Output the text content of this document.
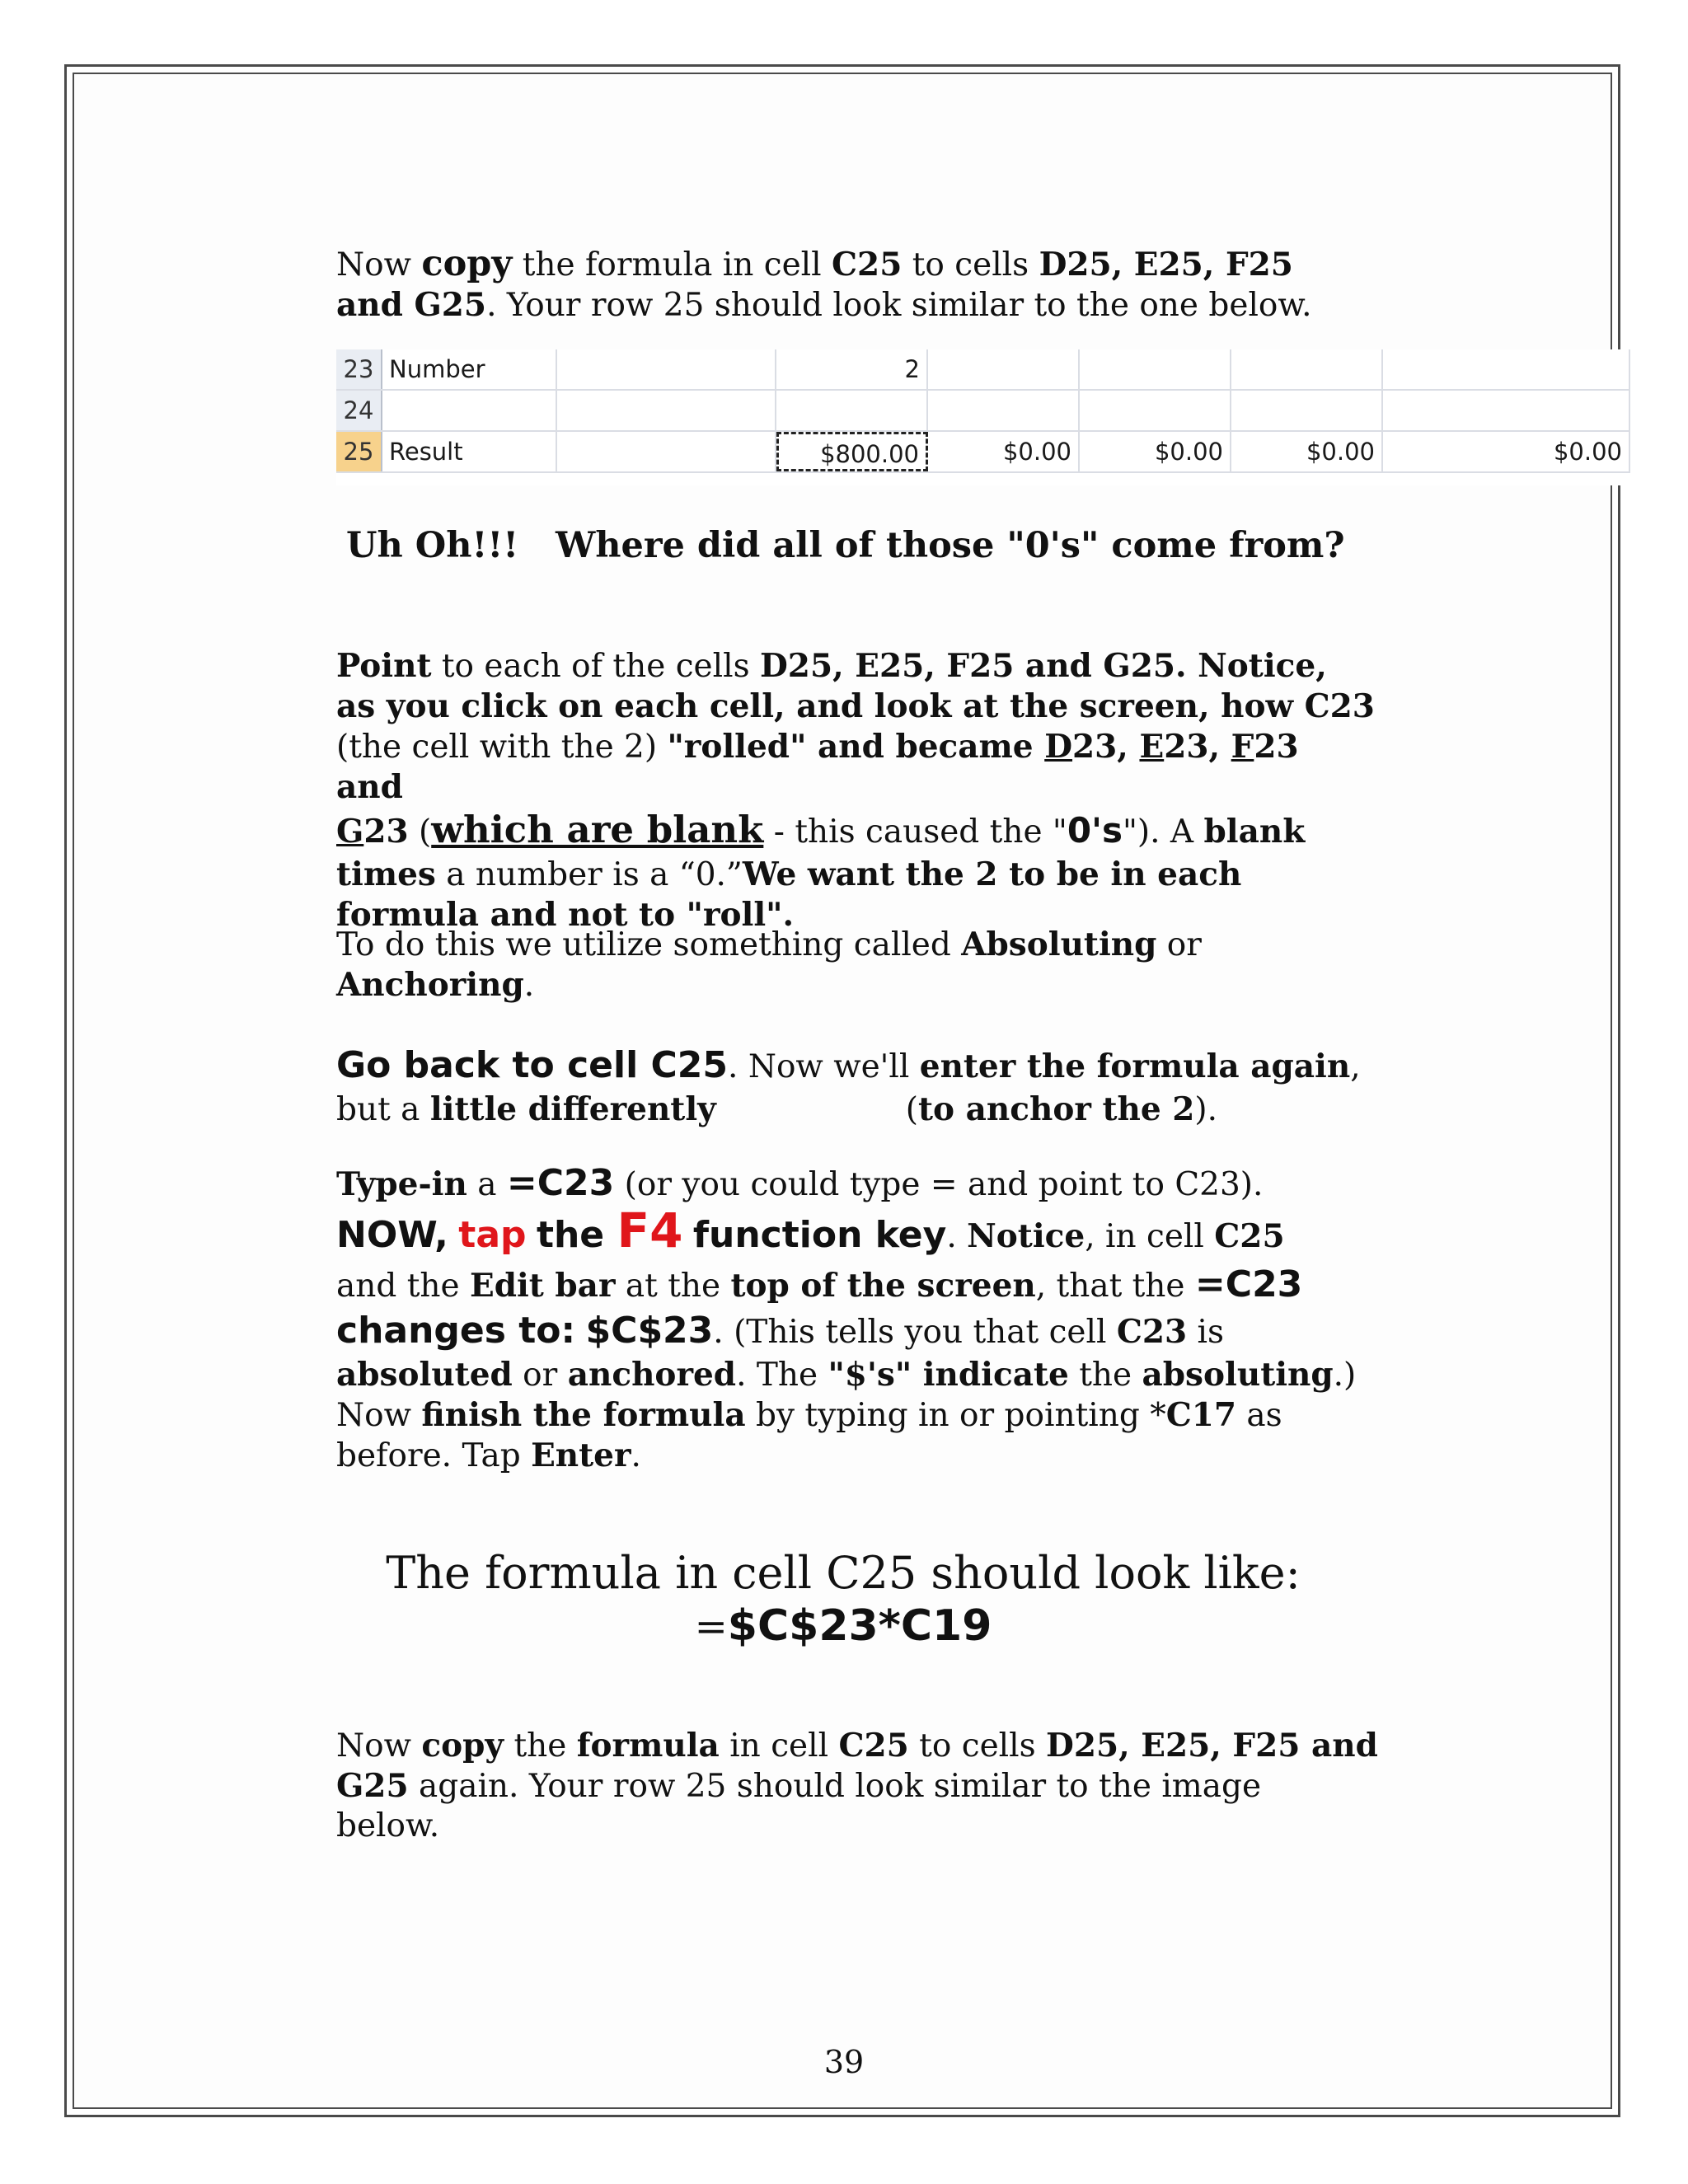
Now copy the formula in cell C25 to cells D25, E25, F25

and G25. Your row 25 should look similar to the one below.

23 Number	2
24
25 Result	$800.00	$0.00	$0.00	$0.00	$0.00
Uh Oh!!!   Where did all of those "0's" come from?

Point to each of the cells D25, E25, F25 and G25. Notice, as you click on each cell, and look at the screen, how C23

(the cell with the 2) "rolled" and became D23, E23, F23 and

G23 (which are blank - this caused the "0's"). A blank

times a number is a “0.”We want the 2 to be in each formula and not to "roll".

To do this we utilize something called Absoluting or

Anchoring.

Go back to cell C25. Now we'll enter the formula again,

but a little differently	(to anchor the 2).

Type-in a =C23 (or you could type = and point to C23).

NOW, tap the F4 function key. Notice, in cell C25

and the Edit bar at the top of the screen, that the =C23

changes to: $C$23. (This tells you that cell C23 is

absoluted or anchored. The "$'s" indicate the absoluting.)

Now finish the formula by typing in or pointing *C17 as

before. Tap Enter.

The formula in cell C25 should look like:

=$C$23*C19

Now copy the formula in cell C25 to cells D25, E25, F25 and

G25 again. Your row 25 should look similar to the image

below.

39
